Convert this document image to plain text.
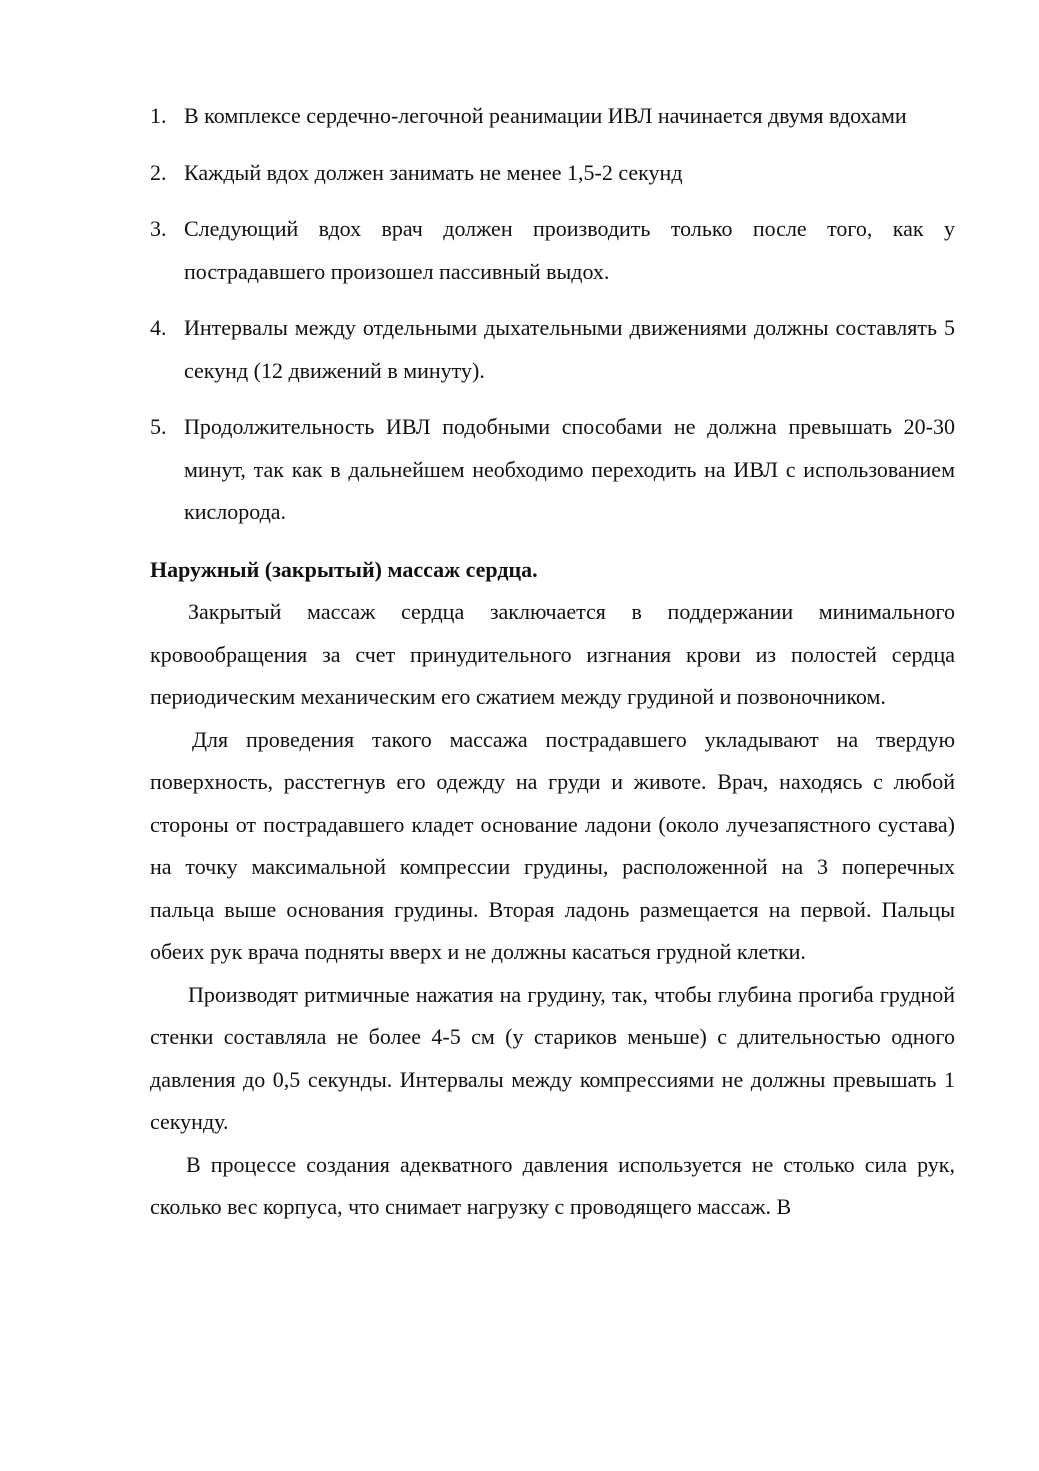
1. В комплексе сердечно-легочной реанимации ИВЛ начинается двумя вдохами
2. Каждый вдох должен занимать не менее 1,5-2 секунд
3. Следующий вдох врач должен производить только после того, как у пострадавшего произошел пассивный выдох.
4. Интервалы между отдельными дыхательными движениями должны составлять 5 секунд (12 движений в минуту).
5. Продолжительность ИВЛ подобными способами не должна превышать 20-30 минут, так как в дальнейшем необходимо переходить на ИВЛ с использованием кислорода.

Наружный (закрытый) массаж сердца.

Закрытый массаж сердца заключается в поддержании минимального кровообращения за счет принудительного изгнания крови из полостей сердца периодическим механическим его сжатием между грудиной и позвоночником.

Для проведения такого массажа пострадавшего укладывают на твердую поверхность, расстегнув его одежду на груди и животе. Врач, находясь с любой стороны от пострадавшего кладет основание ладони (около лучезапястного сустава) на точку максимальной компрессии грудины, расположенной на 3 поперечных пальца выше основания грудины. Вторая ладонь размещается на первой. Пальцы обеих рук врача подняты вверх и не должны касаться грудной клетки.

Производят ритмичные нажатия на грудину, так, чтобы глубина прогиба грудной стенки составляла не более 4-5 см (у стариков меньше) с длительностью одного давления до 0,5 секунды. Интервалы между компрессиями не должны превышать 1 секунду.

В процессе создания адекватного давления используется не столько сила рук, сколько вес корпуса, что снимает нагрузку с проводящего массаж. В
